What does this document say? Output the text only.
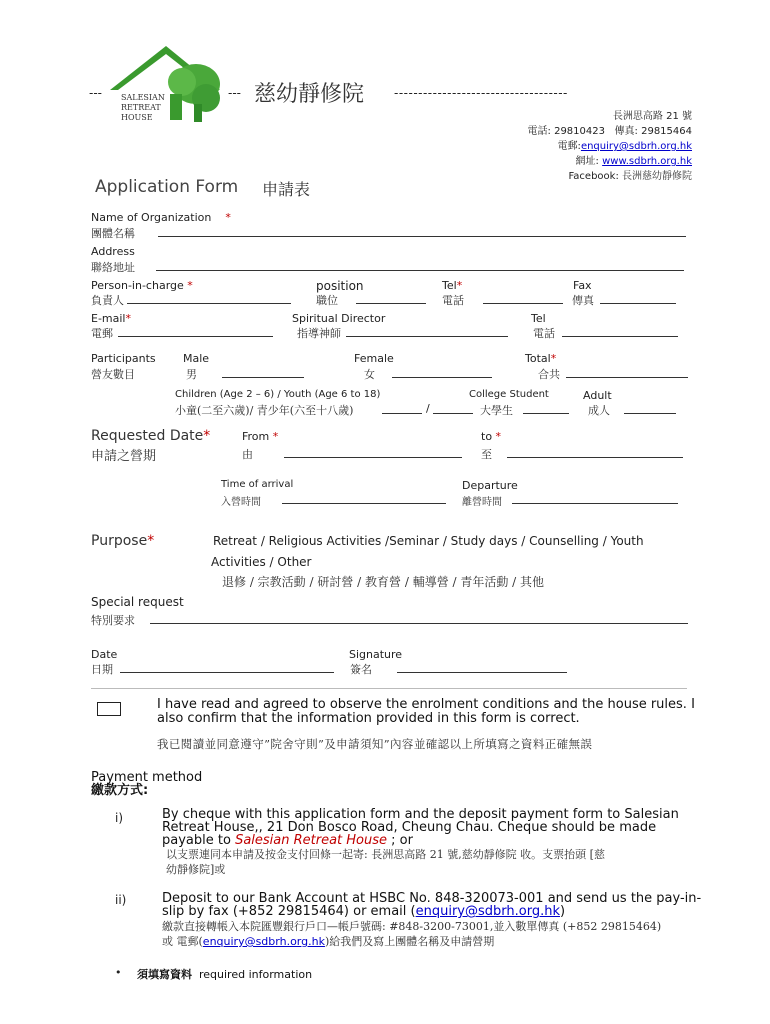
--- SALESIAN
RETREAT
HOUSE
--- 慈幼靜修院 ------------------------------------
長洲思高路 21 號
電話: 29810423 傳真: 29815464
電郵:enquiry@sdbrh.org.hk
網址: www.sdbrh.org.hk
Facebook: 長洲慈幼靜修院
Application Form 申請表
Name of Organization *
團體名稱
Address
聯絡地址
Person-in-charge *
負責人
position
職位
Tel*
電話
Fax
傳真
E-mail*
電郵
Spiritual Director
指導神師
Tel
電話
Participants
營友數目
Male
男
Female
女
Total*
合共
Children (Age 2 – 6) / Youth (Age 6 to 18)
小童(二至六歲)/ 青少年(六至十八歲)	/
College Student
大學生
Adult
成人
Requested Date*
申請之營期
From *
由
to *
至
Time of arrival
入營時間
Departure
離營時間
Purpose*	Retreat / Religious Activities /Seminar / Study days / Counselling / Youth
Activities / Other
退修 / 宗教活動 / 研討營 / 教育營 / 輔導營 / 青年活動 / 其他
Special request
特別要求
Date
日期
Signature
簽名
I have read and agreed to observe the enrolment conditions and the house rules. I
also confirm that the information provided in this form is correct.
我已閱讀並同意遵守”院舍守則”及申請須知”內容並確認以上所填寫之資料正確無誤
Payment method
繳款方式:
i)	By cheque with this application form and the deposit payment form to Salesian
Retreat House,, 21 Don Bosco Road, Cheung Chau. Cheque should be made
payable to Salesian Retreat House ; or
以支票連同本申請及按金支付回條一起寄: 長洲思高路 21 號,慈幼靜修院 收。支票抬頭 [慈
幼靜修院]或
ii)	Deposit to our Bank Account at HSBC No. 848-320073-001 and send us the pay-in-
slip by fax (+852 29815464) or email (enquiry@sdbrh.org.hk)
繳款直接轉帳入本院匯豐銀行戶口—帳戶號碼: #848-3200-73001,並入數單傳真 (+852 29815464)
或 電郵(enquiry@sdbrh.org.hk)給我們及寫上團體名稱及申請營期
• 須填寫資料 required information
